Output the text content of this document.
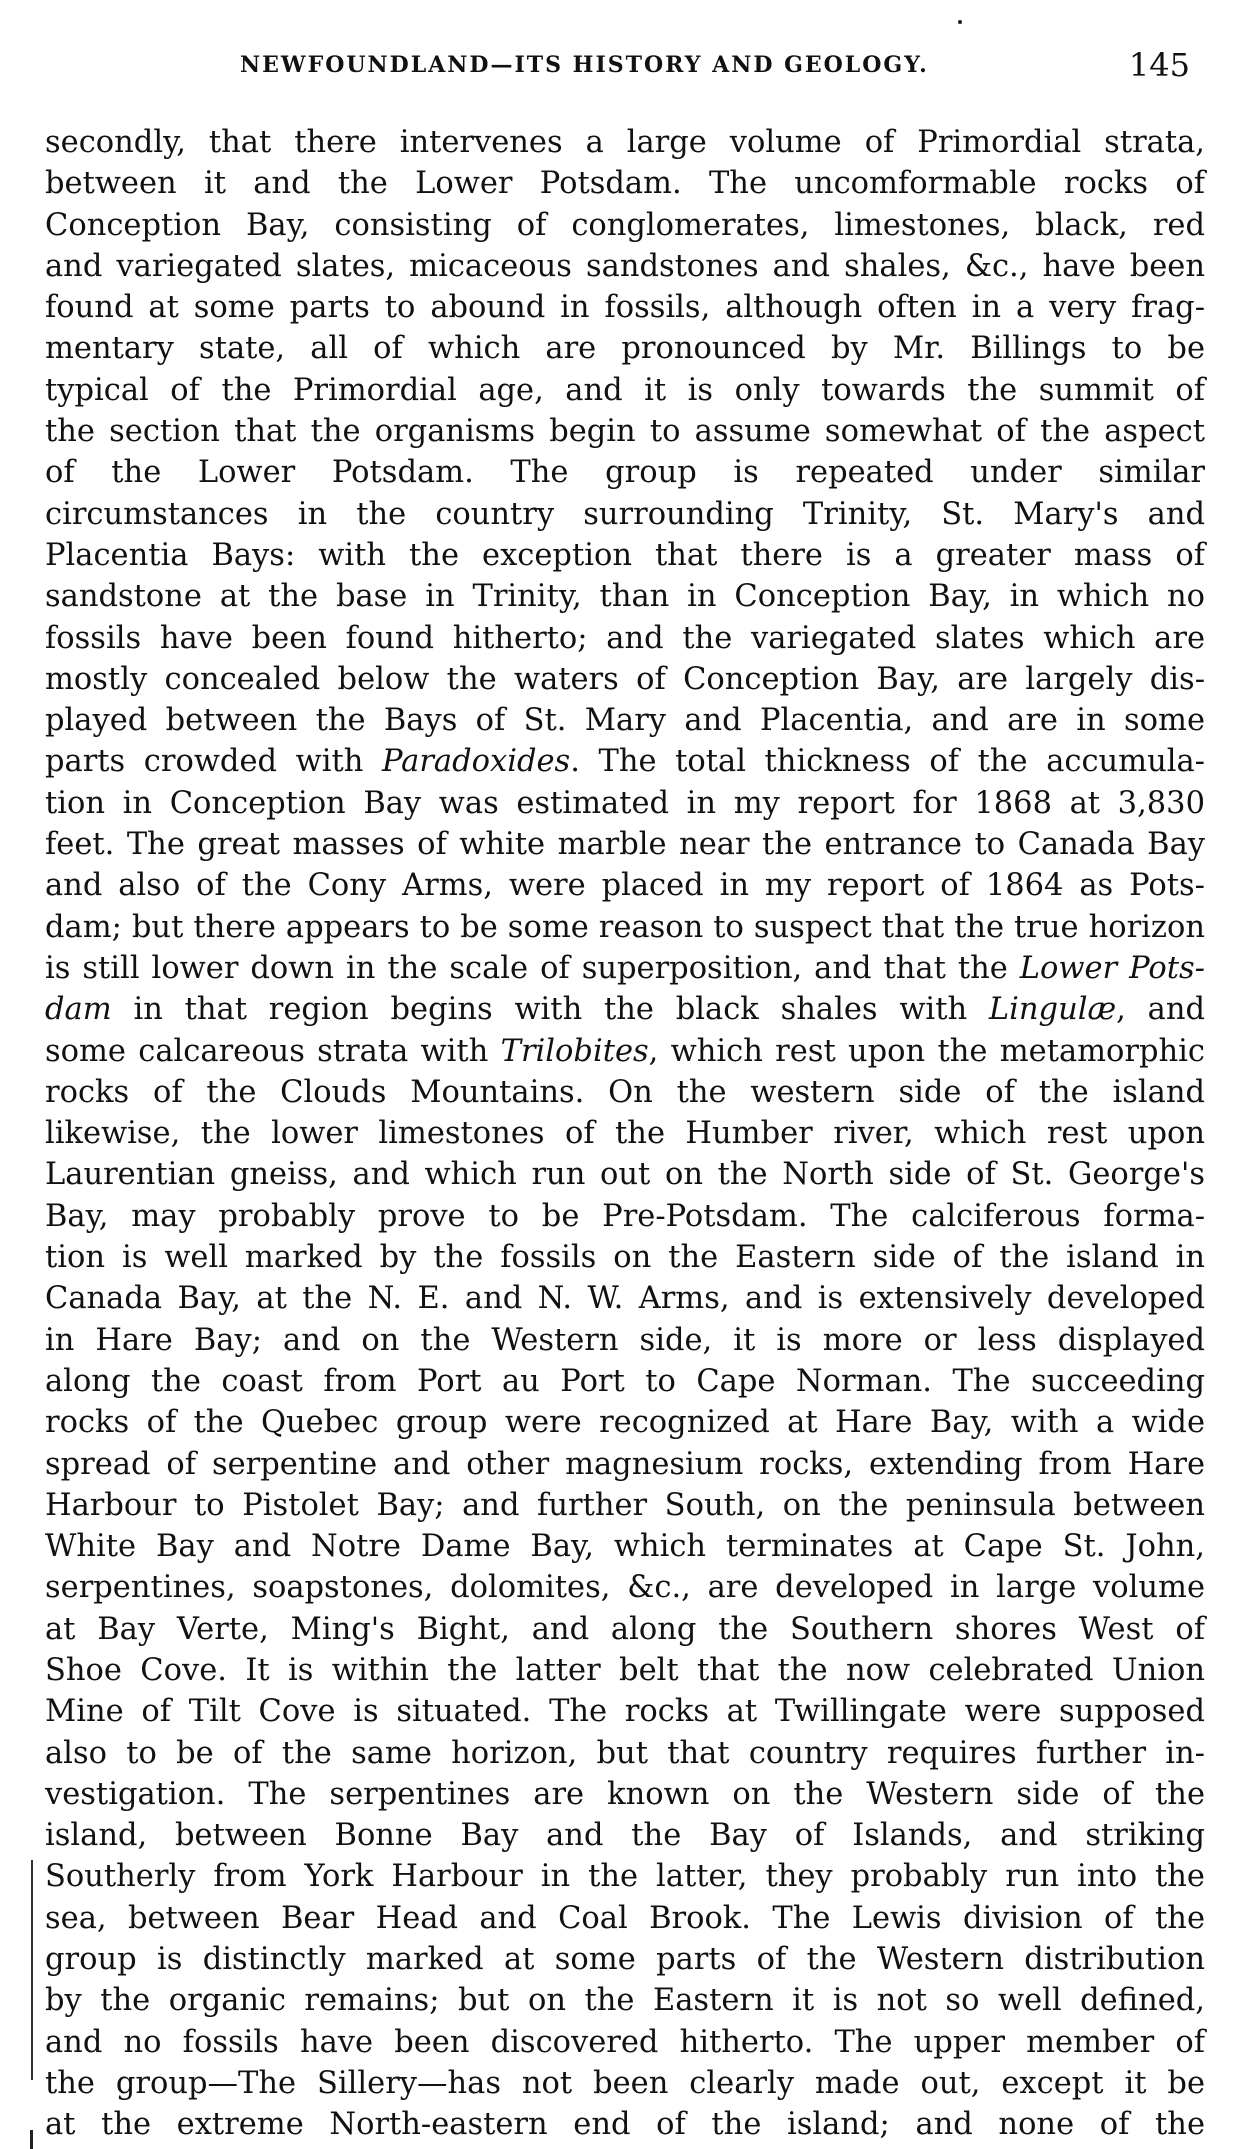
NEWFOUNDLAND—ITS HISTORY AND GEOLOGY.	145
secondly, that there intervenes a large volume of Primordial strata,
between it and the Lower Potsdam. The uncomformable rocks of
Conception Bay, consisting of conglomerates, limestones, black, red
and variegated slates, micaceous sandstones and shales, &c., have been
found at some parts to abound in fossils, although often in a very frag-
mentary state, all of which are pronounced by Mr. Billings to be
typical of the Primordial age, and it is only towards the summit of
the section that the organisms begin to assume somewhat of the aspect
of the Lower Potsdam. The group is repeated under similar
circumstances in the country surrounding Trinity, St. Mary's and
Placentia Bays: with the exception that there is a greater mass of
sandstone at the base in Trinity, than in Conception Bay, in which no
fossils have been found hitherto; and the variegated slates which are
mostly concealed below the waters of Conception Bay, are largely dis-
played between the Bays of St. Mary and Placentia, and are in some
parts crowded with Paradoxides. The total thickness of the accumula-
tion in Conception Bay was estimated in my report for 1868 at 3,830
feet. The great masses of white marble near the entrance to Canada Bay
and also of the Cony Arms, were placed in my report of 1864 as Pots-
dam; but there appears to be some reason to suspect that the true horizon
is still lower down in the scale of superposition, and that the Lower Pots-
dam in that region begins with the black shales with Lingulæ, and
some calcareous strata with Trilobites, which rest upon the metamorphic
rocks of the Clouds Mountains. On the western side of the island
likewise, the lower limestones of the Humber river, which rest upon
Laurentian gneiss, and which run out on the North side of St. George's
Bay, may probably prove to be Pre-Potsdam. The calciferous forma-
tion is well marked by the fossils on the Eastern side of the island in
Canada Bay, at the N. E. and N. W. Arms, and is extensively developed
in Hare Bay; and on the Western side, it is more or less displayed
along the coast from Port au Port to Cape Norman. The succeeding
rocks of the Quebec group were recognized at Hare Bay, with a wide
spread of serpentine and other magnesium rocks, extending from Hare
Harbour to Pistolet Bay; and further South, on the peninsula between
White Bay and Notre Dame Bay, which terminates at Cape St. John,
serpentines, soapstones, dolomites, &c., are developed in large volume
at Bay Verte, Ming's Bight, and along the Southern shores West of
Shoe Cove. It is within the latter belt that the now celebrated Union
Mine of Tilt Cove is situated. The rocks at Twillingate were supposed
also to be of the same horizon, but that country requires further in-
vestigation. The serpentines are known on the Western side of the
island, between Bonne Bay and the Bay of Islands, and striking
Southerly from York Harbour in the latter, they probably run into the
sea, between Bear Head and Coal Brook. The Lewis division of the
group is distinctly marked at some parts of the Western distribution
by the organic remains; but on the Eastern it is not so well defined,
and no fossils have been discovered hitherto. The upper member of
the group—The Sillery—has not been clearly made out, except it be
at the extreme North-eastern end of the island; and none of the
